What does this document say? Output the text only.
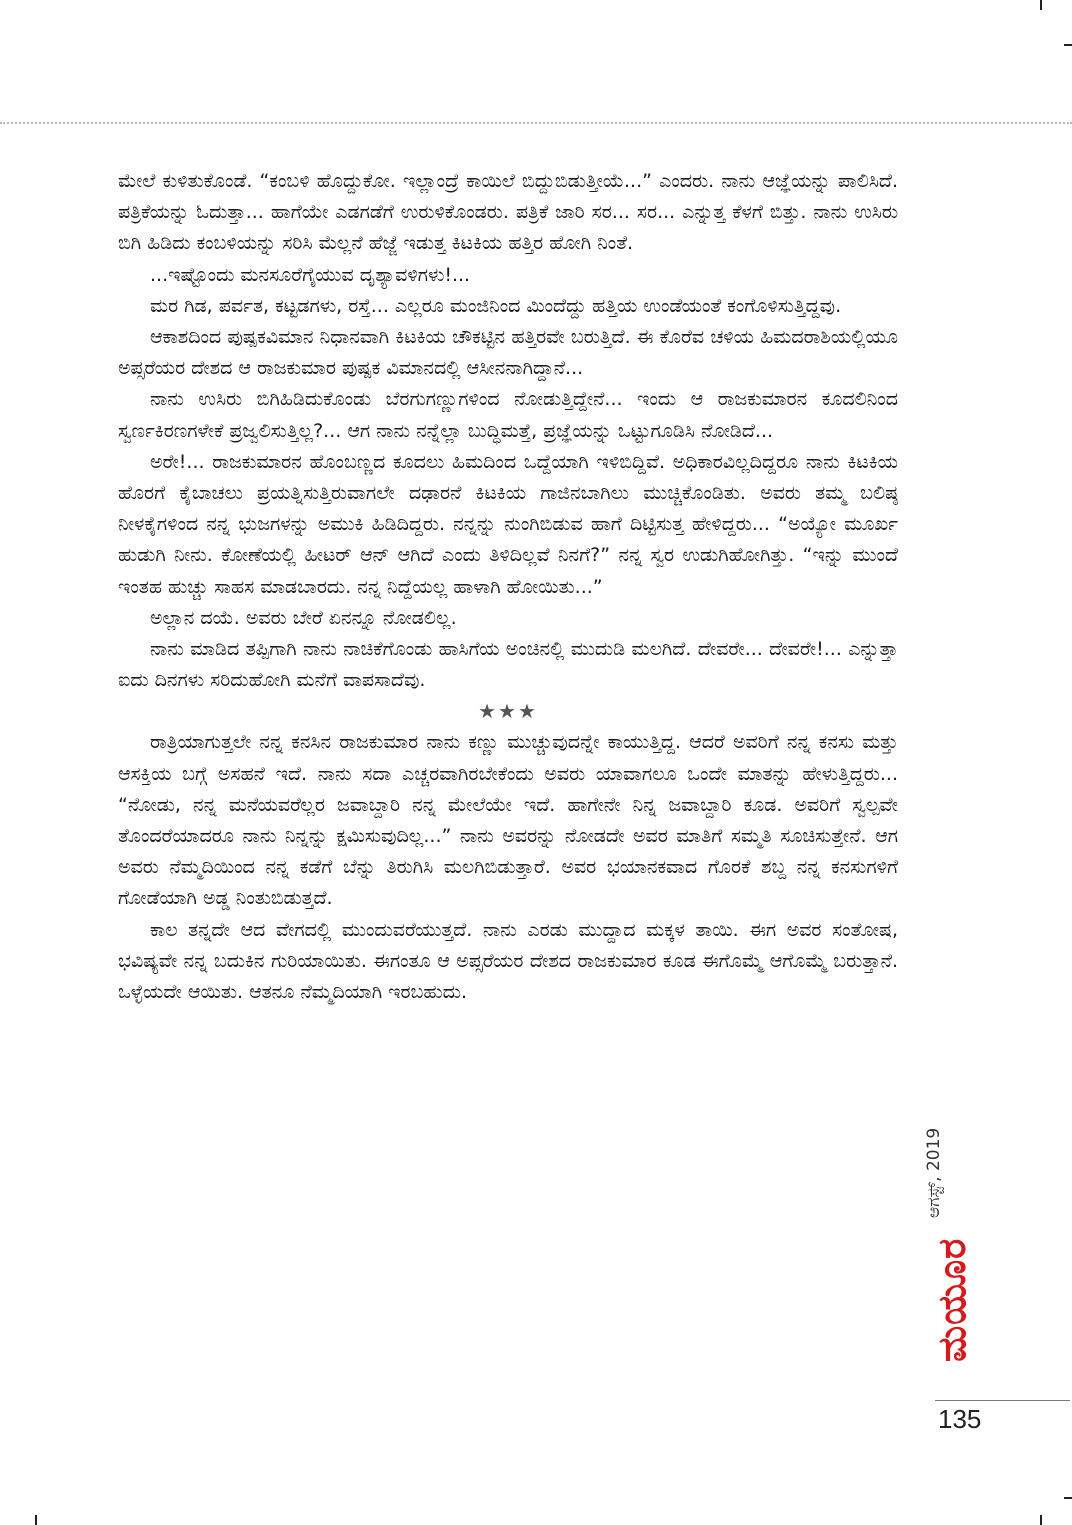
ಮೇಲೆ ಕುಳಿತುಕೊಂಡೆ. “ಕಂಬಳಿ ಹೊದ್ದುಕೋ. ಇಲ್ಲಾಂದ್ರೆ ಕಾಯಿಲೆ ಬಿದ್ದುಬಿಡುತ್ತೀಯೆ...” ಎಂದರು. ನಾನು ಆಜ್ಞೆಯನ್ನು ಪಾಲಿಸಿದೆ. ಪತ್ರಿಕೆಯನ್ನು ಓದುತ್ತಾ... ಹಾಗೆಯೇ ಎಡಗಡೆಗೆ ಉರುಳಿಕೊಂಡರು. ಪತ್ರಿಕೆ ಜಾರಿ ಸರ... ಸರ... ಎನ್ನುತ್ತ ಕೆಳಗೆ ಬಿತ್ತು. ನಾನು ಉಸಿರು ಬಿಗಿ ಹಿಡಿದು ಕಂಬಳಿಯನ್ನು ಸರಿಸಿ ಮೆಲ್ಲನೆ ಹೆಜ್ಜೆ ಇಡುತ್ತ ಕಿಟಕಿಯ ಹತ್ತಿರ ಹೋಗಿ ನಿಂತೆ.

...ಇಷ್ಟೊಂದು ಮನಸೂರೆಗೈಯುವ ದೃಶ್ಯಾವಳಿಗಳು!...

ಮರ ಗಿಡ, ಪರ್ವತ, ಕಟ್ಟಡಗಳು, ರಸ್ತೆ... ಎಲ್ಲರೂ ಮಂಜಿನಿಂದ ಮಿಂದೆದ್ದು ಹತ್ತಿಯ ಉಂಡೆಯಂತೆ ಕಂಗೊಳಿಸುತ್ತಿದ್ದವು.

ಆಕಾಶದಿಂದ ಪುಷ್ಪಕವಿಮಾನ ನಿಧಾನವಾಗಿ ಕಿಟಕಿಯ ಚೌಕಟ್ಟಿನ ಹತ್ತಿರವೇ ಬರುತ್ತಿದೆ. ಈ ಕೊರೆವ ಚಳಿಯ ಹಿಮದರಾಶಿಯಲ್ಲಿಯೂ ಅಪ್ಸರೆಯರ ದೇಶದ ಆ ರಾಜಕುಮಾರ ಪುಷ್ಪಕ ವಿಮಾನದಲ್ಲಿ ಆಸೀನನಾಗಿದ್ದಾನೆ...

ನಾನು ಉಸಿರು ಬಿಗಿಹಿಡಿದುಕೊಂಡು ಬೆರಗುಗಣ್ಣುಗಳಿಂದ ನೋಡುತ್ತಿದ್ದೇನೆ... ಇಂದು ಆ ರಾಜಕುಮಾರನ ಕೂದಲಿನಿಂದ ಸ್ವರ್ಣಕಿರಣಗಳೇಕೆ ಪ್ರಜ್ವಲಿಸುತ್ತಿಲ್ಲ?... ಆಗ ನಾನು ನನ್ನೆಲ್ಲಾ ಬುದ್ಧಿಮತ್ತೆ, ಪ್ರಜ್ಞೆಯನ್ನು ಒಟ್ಟುಗೂಡಿಸಿ ನೋಡಿದೆ...

ಅರೇ!... ರಾಜಕುಮಾರನ ಹೊಂಬಣ್ಣದ ಕೂದಲು ಹಿಮದಿಂದ ಒದ್ದೆಯಾಗಿ ಇಳಿಬಿದ್ದಿವೆ. ಅಧಿಕಾರವಿಲ್ಲದಿದ್ದರೂ ನಾನು ಕಿಟಕಿಯ ಹೊರಗೆ ಕೈಬಾಚಲು ಪ್ರಯತ್ನಿಸುತ್ತಿರುವಾಗಲೇ ದಢಾರನೆ ಕಿಟಕಿಯ ಗಾಜಿನಬಾಗಿಲು ಮುಚ್ಚಿಕೊಂಡಿತು. ಅವರು ತಮ್ಮ ಬಲಿಷ್ಠ ನೀಳಕೈಗಳಿಂದ ನನ್ನ ಭುಜಗಳನ್ನು ಅಮುಕಿ ಹಿಡಿದಿದ್ದರು. ನನ್ನನ್ನು ನುಂಗಿಬಿಡುವ ಹಾಗೆ ದಿಟ್ಟಿಸುತ್ತ ಹೇಳಿದ್ದರು... “ಅಯ್ಯೋ ಮೂರ್ಖ ಹುಡುಗಿ ನೀನು. ಕೋಣೆಯಲ್ಲಿ ಹೀಟರ್ ಆನ್ ಆಗಿದೆ ಎಂದು ತಿಳಿದಿಲ್ಲವೆ ನಿನಗೆ?” ನನ್ನ ಸ್ವರ ಉಡುಗಿಹೋಗಿತ್ತು. “ಇನ್ನು ಮುಂದೆ ಇಂತಹ ಹುಚ್ಚು ಸಾಹಸ ಮಾಡಬಾರದು. ನನ್ನ ನಿದ್ದೆಯಲ್ಲ ಹಾಳಾಗಿ ಹೋಯಿತು...”

ಅಲ್ಲಾನ ದಯೆ. ಅವರು ಬೇರೆ ಏನನ್ನೂ ನೋಡಲಿಲ್ಲ.

ನಾನು ಮಾಡಿದ ತಪ್ಪಿಗಾಗಿ ನಾನು ನಾಚಿಕೆಗೊಂಡು ಹಾಸಿಗೆಯ ಅಂಚಿನಲ್ಲಿ ಮುದುಡಿ ಮಲಗಿದೆ. ದೇವರೇ... ದೇವರೇ!... ಎನ್ನುತ್ತಾ ಐದು ದಿನಗಳು ಸರಿದುಹೋಗಿ ಮನೆಗೆ ವಾಪಸಾದೆವು.

★★★

ರಾತ್ರಿಯಾಗುತ್ತಲೇ ನನ್ನ ಕನಸಿನ ರಾಜಕುಮಾರ ನಾನು ಕಣ್ಣು ಮುಚ್ಚುವುದನ್ನೇ ಕಾಯುತ್ತಿದ್ದ. ಆದರೆ ಅವರಿಗೆ ನನ್ನ ಕನಸು ಮತ್ತು ಆಸಕ್ತಿಯ ಬಗ್ಗೆ ಅಸಹನೆ ಇದೆ. ನಾನು ಸದಾ ಎಚ್ಚರವಾಗಿರಬೇಕೆಂದು ಅವರು ಯಾವಾಗಲೂ ಒಂದೇ ಮಾತನ್ನು ಹೇಳುತ್ತಿದ್ದರು... “ನೋಡು, ನನ್ನ ಮನೆಯವರೆಲ್ಲರ ಜವಾಬ್ದಾರಿ ನನ್ನ ಮೇಲೆಯೇ ಇದೆ. ಹಾಗೇನೇ ನಿನ್ನ ಜವಾಬ್ದಾರಿ ಕೂಡ. ಅವರಿಗೆ ಸ್ವಲ್ಪವೇ ತೊಂದರೆಯಾದರೂ ನಾನು ನಿನ್ನನ್ನು ಕ್ಷಮಿಸುವುದಿಲ್ಲ...” ನಾನು ಅವರನ್ನು ನೋಡದೇ ಅವರ ಮಾತಿಗೆ ಸಮ್ಮತಿ ಸೂಚಿಸುತ್ತೇನೆ. ಆಗ ಅವರು ನೆಮ್ಮದಿಯಿಂದ ನನ್ನ ಕಡೆಗೆ ಬೆನ್ನು ತಿರುಗಿಸಿ ಮಲಗಿಬಿಡುತ್ತಾರೆ. ಅವರ ಭಯಾನಕವಾದ ಗೊರಕೆ ಶಬ್ದ ನನ್ನ ಕನಸುಗಳಿಗೆ ಗೋಡೆಯಾಗಿ ಅಡ್ಡ ನಿಂತುಬಿಡುತ್ತದೆ.

ಕಾಲ ತನ್ನದೇ ಆದ ವೇಗದಲ್ಲಿ ಮುಂದುವರೆಯುತ್ತದೆ. ನಾನು ಎರಡು ಮುದ್ದಾದ ಮಕ್ಕಳ ತಾಯಿ. ಈಗ ಅವರ ಸಂತೋಷ, ಭವಿಷ್ಯವೇ ನನ್ನ ಬದುಕಿನ ಗುರಿಯಾಯಿತು. ಈಗಂತೂ ಆ ಅಪ್ಸರೆಯರ ದೇಶದ ರಾಜಕುಮಾರ ಕೂಡ ಈಗೊಮ್ಮೆ ಆಗೊಮ್ಮೆ ಬರುತ್ತಾನೆ. ಒಳ್ಳೆಯದೇ ಆಯಿತು. ಆತನೂ ನೆಮ್ಮದಿಯಾಗಿ ಇರಬಹುದು.

ಆಗಸ್ಟ್, 2019
ಮಯೂರ
135
